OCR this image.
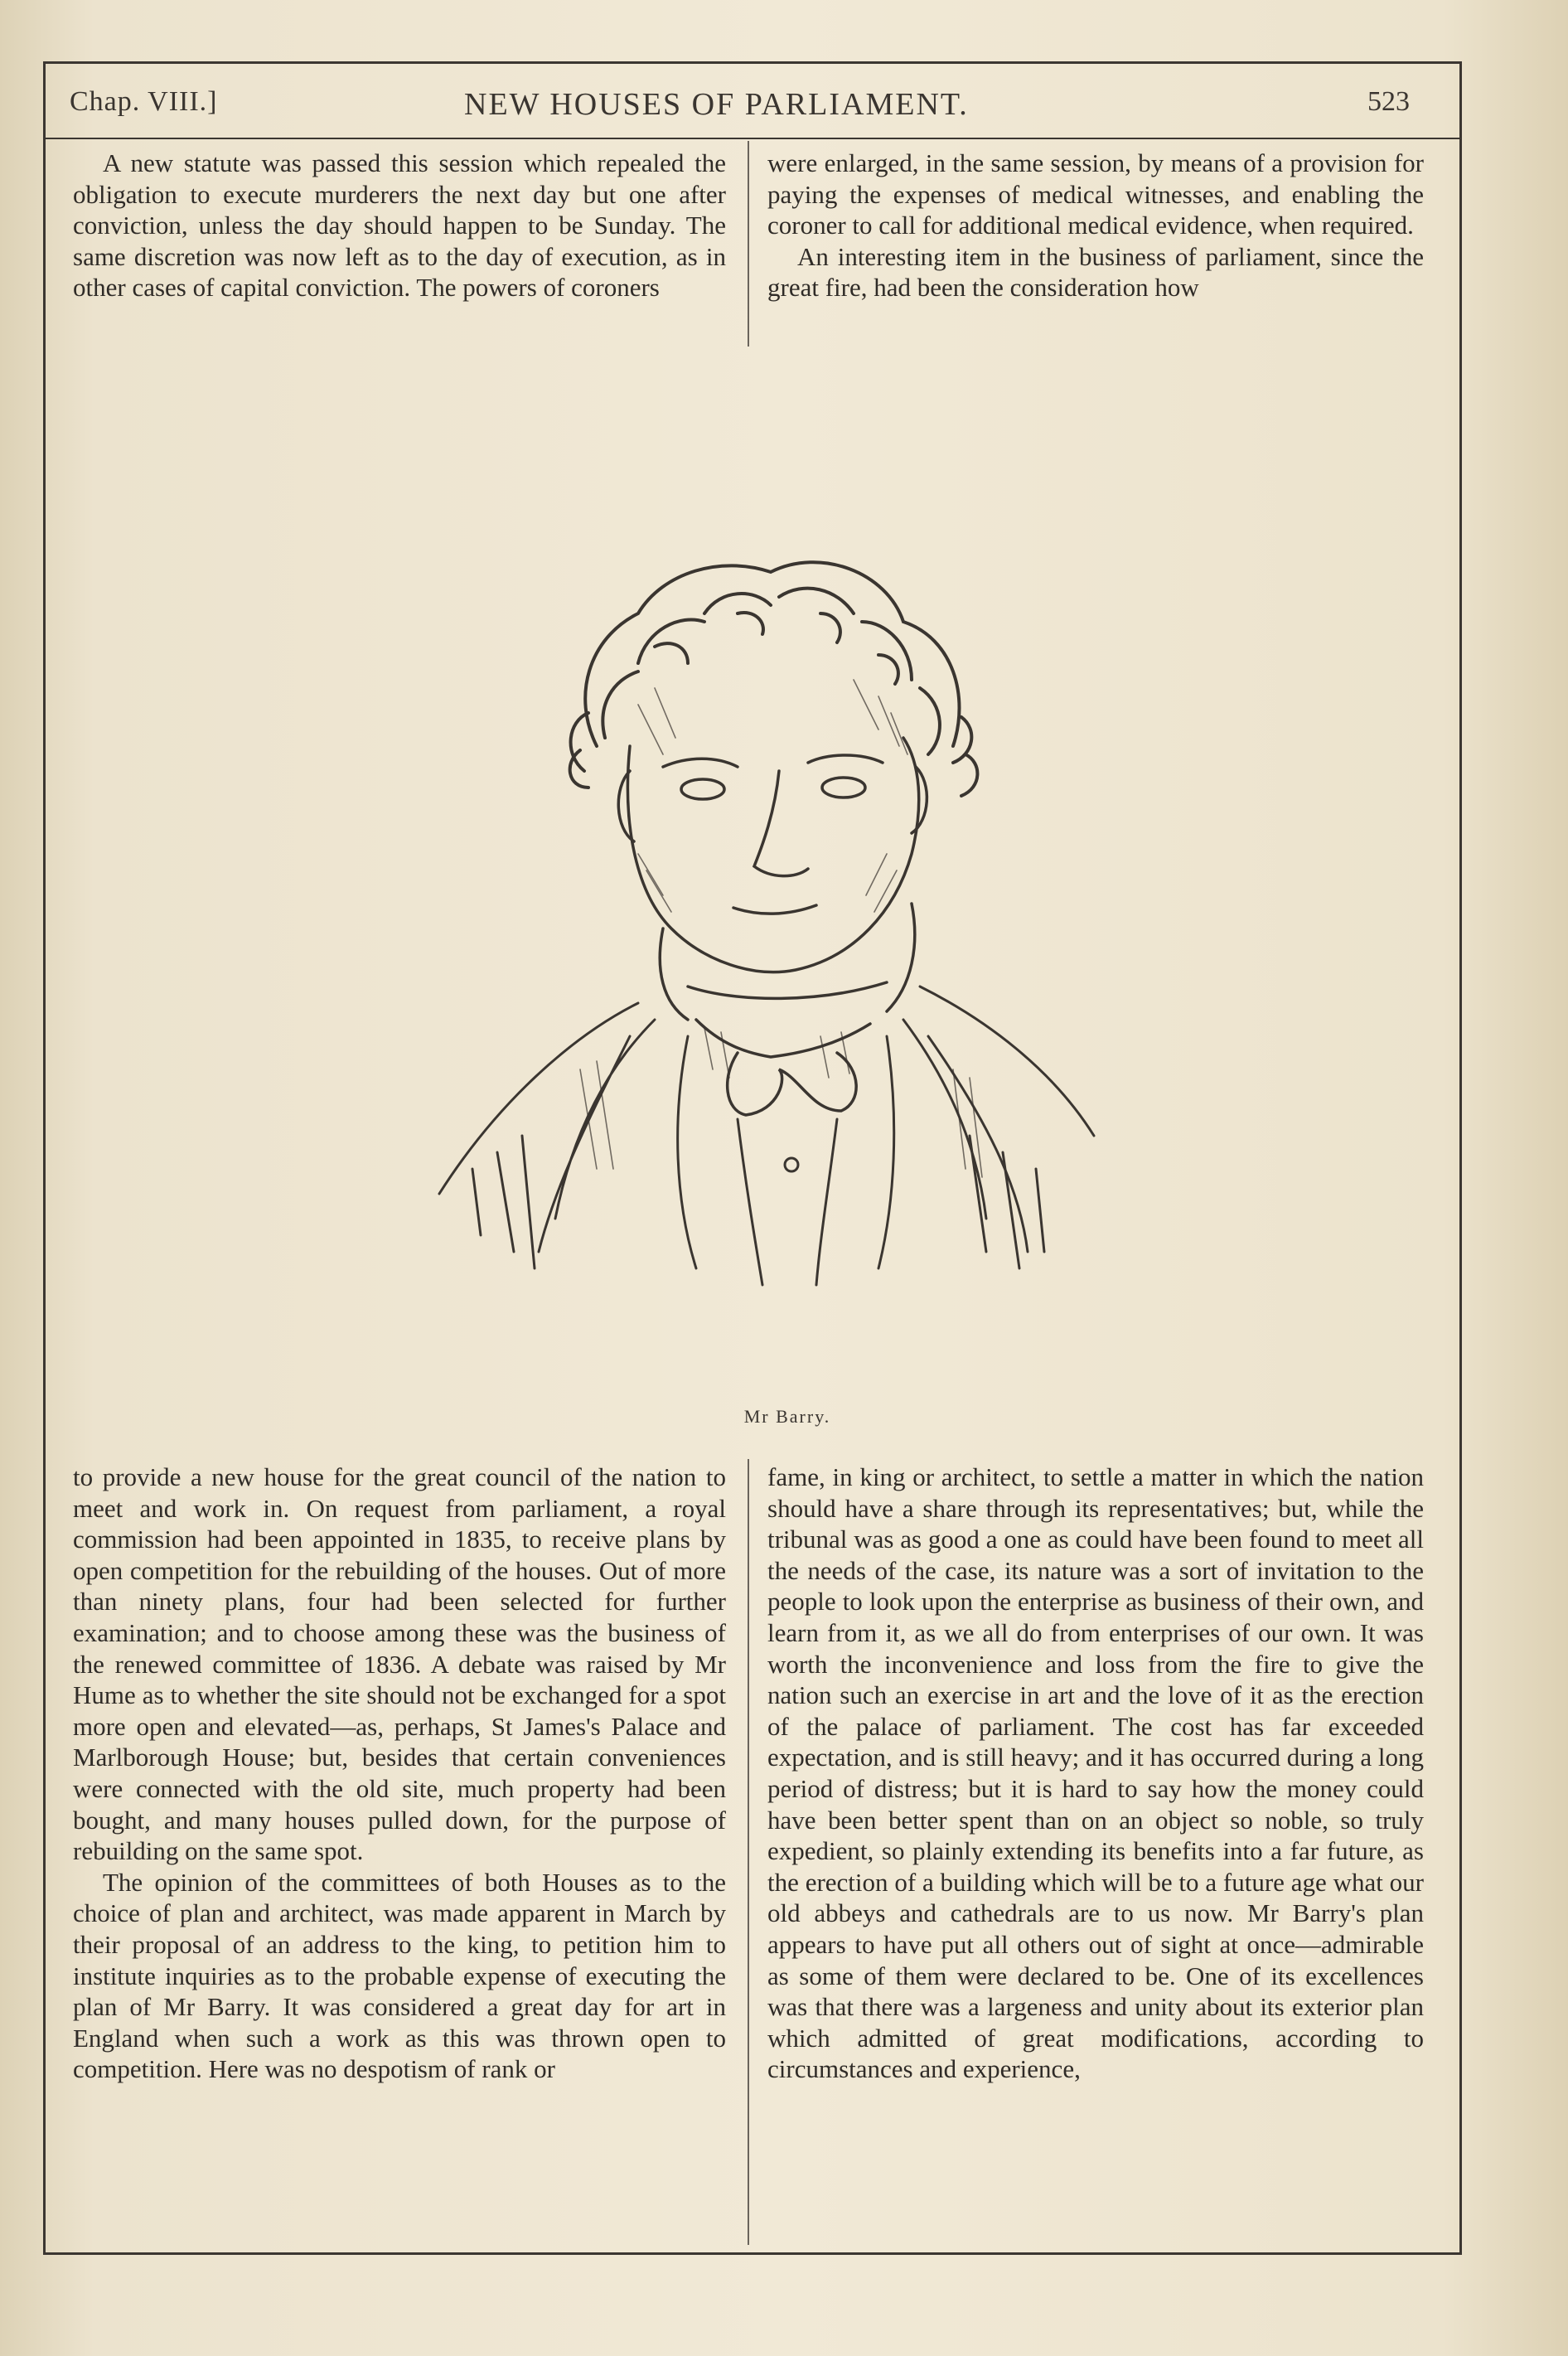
Chap. VIII.]	NEW HOUSES OF PARLIAMENT.	523

A new statute was passed this session which repealed the obligation to execute murderers the next day but one after conviction, unless the day should happen to be Sunday. The same discretion was now left as to the day of execution, as in other cases of capital conviction. The powers of coroners

were enlarged, in the same session, by means of a provision for paying the expenses of medical witnesses, and enabling the coroner to call for additional medical evidence, when required.

An interesting item in the business of parliament, since the great fire, had been the consideration how

Mr Barry.

to provide a new house for the great council of the nation to meet and work in. On request from parliament, a royal commission had been appointed in 1835, to receive plans by open competition for the rebuilding of the houses. Out of more than ninety plans, four had been selected for further examination; and to choose among these was the business of the renewed committee of 1836. A debate was raised by Mr Hume as to whether the site should not be exchanged for a spot more open and elevated—as, perhaps, St James's Palace and Marlborough House; but, besides that certain conveniences were connected with the old site, much property had been bought, and many houses pulled down, for the purpose of rebuilding on the same spot.

The opinion of the committees of both Houses as to the choice of plan and architect, was made apparent in March by their proposal of an address to the king, to petition him to institute inquiries as to the probable expense of executing the plan of Mr Barry. It was considered a great day for art in England when such a work as this was thrown open to competition. Here was no despotism of rank or

fame, in king or architect, to settle a matter in which the nation should have a share through its representatives; but, while the tribunal was as good a one as could have been found to meet all the needs of the case, its nature was a sort of invitation to the people to look upon the enterprise as business of their own, and learn from it, as we all do from enterprises of our own. It was worth the inconvenience and loss from the fire to give the nation such an exercise in art and the love of it as the erection of the palace of parliament. The cost has far exceeded expectation, and is still heavy; and it has occurred during a long period of distress; but it is hard to say how the money could have been better spent than on an object so noble, so truly expedient, so plainly extending its benefits into a far future, as the erection of a building which will be to a future age what our old abbeys and cathedrals are to us now. Mr Barry's plan appears to have put all others out of sight at once—admirable as some of them were declared to be. One of its excellences was that there was a largeness and unity about its exterior plan which admitted of great modifications, according to circumstances and experience,
